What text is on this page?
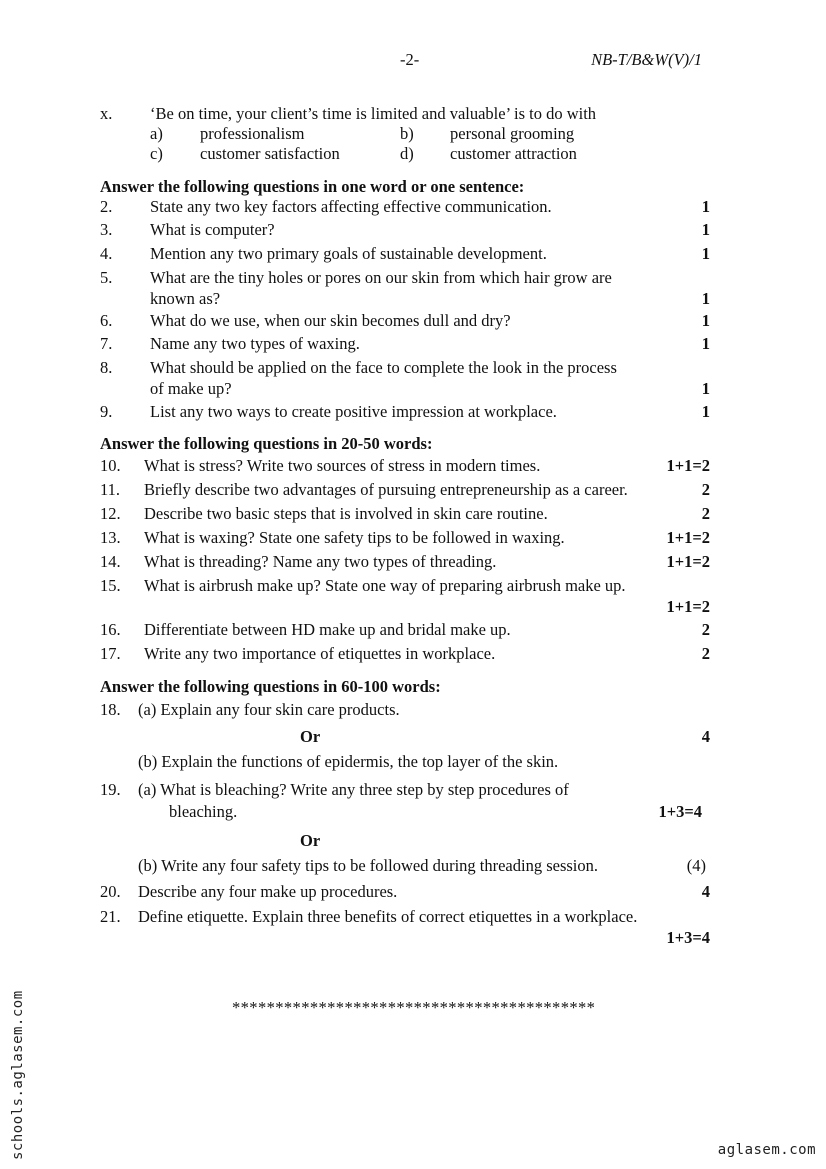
-2-	NB-T/B&W(V)/1
x. ‘Be on time, your client’s time is limited and valuable’ is to do with
a) professionalism	b) personal grooming
c) customer satisfaction	d) customer attraction
Answer the following questions in one word or one sentence:
2. State any two key factors affecting effective communication.	1
3. What is computer?	1
4. Mention any two primary goals of sustainable development.	1
5. What are the tiny holes or pores on our skin from which hair grow are
known as?	1
6. What do we use, when our skin becomes dull and dry?	1
7. Name any two types of waxing.	1
8. What should be applied on the face to complete the look in the process
of make up?	1
9. List any two ways to create positive impression at workplace.	1
Answer the following questions in 20-50 words:
10. What is stress? Write two sources of stress in modern times.	1+1=2
11. Briefly describe two advantages of pursuing entrepreneurship as a career.	2
12. Describe two basic steps that is involved in skin care routine.	2
13. What is waxing? State one safety tips to be followed in waxing.	1+1=2
14. What is threading? Name any two types of threading.	1+1=2
15. What is airbrush make up? State one way of preparing airbrush make up.
1+1=2
16. Differentiate between HD make up and bridal make up.	2
17. Write any two importance of etiquettes in workplace.	2
Answer the following questions in 60-100 words:
18. (a) Explain any four skin care products.
Or	4
(b) Explain the functions of epidermis, the top layer of the skin.
19. (a) What is bleaching? Write any three step by step procedures of
bleaching.	1+3=4
Or
(b) Write any four safety tips to be followed during threading session.	(4)
20. Describe any four make up procedures.	4
21. Define etiquette. Explain three benefits of correct etiquettes in a workplace.
1+3=4
******************************************
schools.aglasem.com	aglasem.com
